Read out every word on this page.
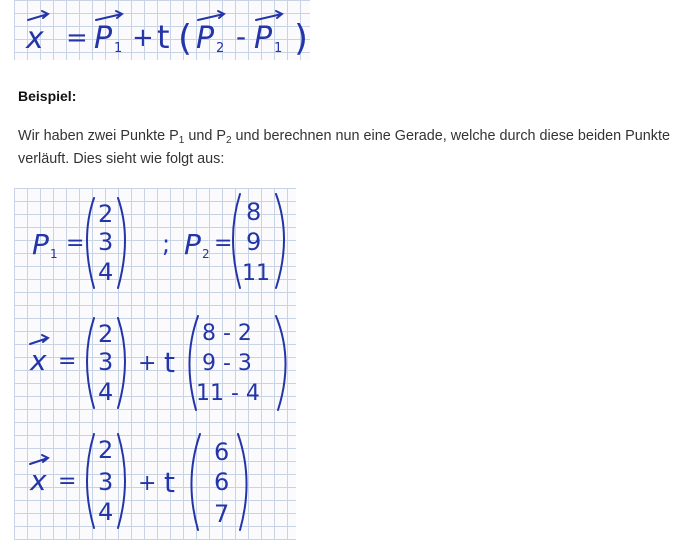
x = P 1 + t ( P 2 - P 1 )
Beispiel:
Wir haben zwei Punkte $P_1$ und $P_2$ und berechnen nun eine Gerade, welche durch diese beiden Punkte verläuft. Dies sieht wie folgt aus:
P 1 =
2
3
4
; P 2 =
8
9
11
x =
2
3
4
+ t
8 - 2
9 - 3
11 - 4
x =
2
3
4
+ t
6
6
7
